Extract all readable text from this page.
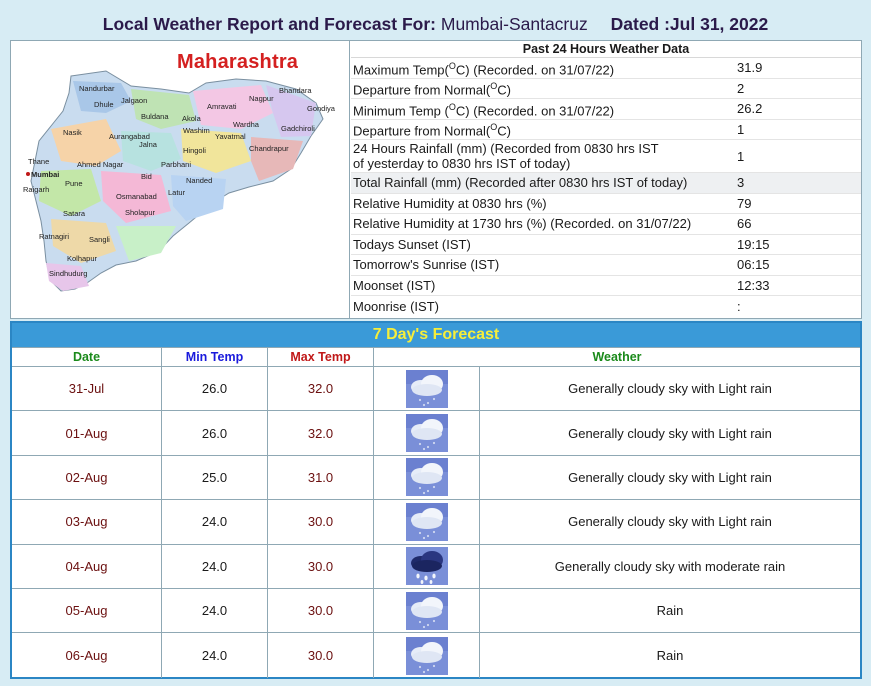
Local Weather Report and Forecast For: Mumbai-Santacruz Dated :Jul 31, 2022
Nandurbar
Dhule Jalgaon
Buldana Akola
Amravati
Nagpur
Bhandara
Gondiya
Nasik	Aurangabad
Jalna
Washim
Yavatmal
Wardha	Gadchiroli
Chandrapur
Hingoli
Thane	Ahmed Nagar	Parbhani
Nanded
Mumbai
Raigarh
Pune
Bid
Latur
Osmanabad
Satara	Sholapur
Ratnagiri	Sangli
Kolhapur
Sindhudurg
Maharashtra
Past 24 Hours Weather Data
Maximum Temp($^O$C) (Recorded. on 31/07/22)	31.9
Departure from Normal($^O$C)	2
Minimum Temp ($^O$C) (Recorded. on 31/07/22)	26.2
Departure from Normal($^O$C)	1
24 Hours Rainfall (mm) (Recorded from 0830 hrs IST
of yesterday to 0830 hrs IST of today)	1
Total Rainfall (mm) (Recorded after 0830 hrs IST of today)	3
Relative Humidity at 0830 hrs (%)	79
Relative Humidity at 1730 hrs (%) (Recorded. on 31/07/22)	66
Todays Sunset (IST)	19:15
Tomorrow's Sunrise (IST)	06:15
Moonset (IST)	12:33
Moonrise (IST)	:
7 Day's Forecast
Date	Min Temp	Max Temp	Weather
31-Jul	26.0	32.0	Generally cloudy sky with Light rain
01-Aug	26.0	32.0	Generally cloudy sky with Light rain
02-Aug	25.0	31.0	Generally cloudy sky with Light rain
03-Aug	24.0	30.0	Generally cloudy sky with Light rain
04-Aug	24.0	30.0	Generally cloudy sky with moderate rain
05-Aug	24.0	30.0	Rain
06-Aug	24.0	30.0	Rain
